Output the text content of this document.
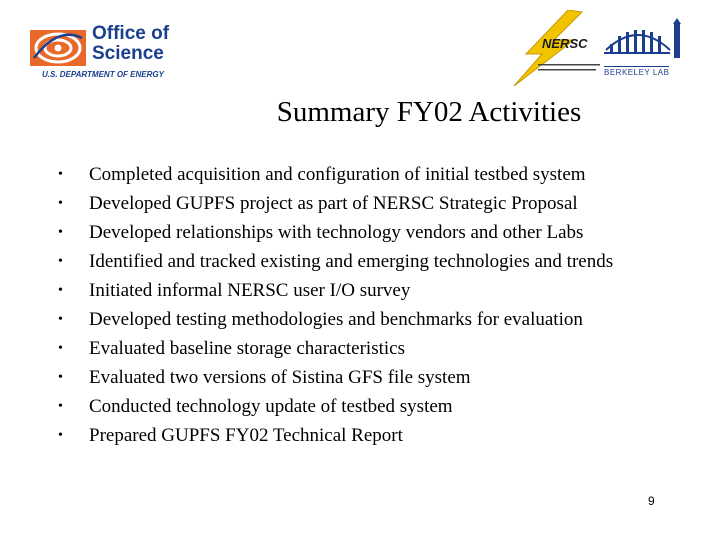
Office of
Science
U.S. DEPARTMENT OF ENERGY
NERSC
BERKELEY LAB
Summary FY02 Activities
• Completed acquisition and configuration of initial testbed system
• Developed GUPFS project as part of NERSC Strategic Proposal
• Developed relationships with technology vendors and other Labs
• Identified and tracked existing and emerging technologies and trends
• Initiated informal NERSC user I/O survey
• Developed testing methodologies and benchmarks for evaluation
• Evaluated baseline storage characteristics
• Evaluated two versions of Sistina GFS file system
• Conducted technology update of testbed system
• Prepared GUPFS FY02 Technical Report
9
